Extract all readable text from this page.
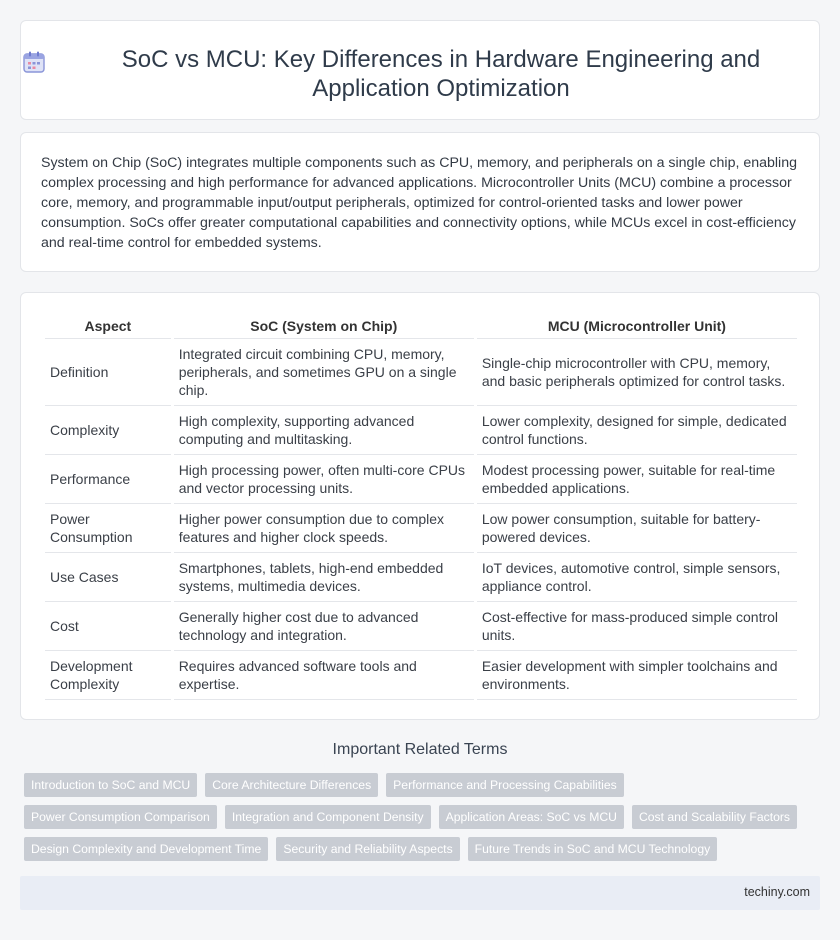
SoC vs MCU: Key Differences in Hardware Engineering and Application Optimization

System on Chip (SoC) integrates multiple components such as CPU, memory, and peripherals on a single chip, enabling complex processing and high performance for advanced applications. Microcontroller Units (MCU) combine a processor core, memory, and programmable input/output peripherals, optimized for control-oriented tasks and lower power consumption. SoCs offer greater computational capabilities and connectivity options, while MCUs excel in cost-efficiency and real-time control for embedded systems.

Aspect	SoC (System on Chip)	MCU (Microcontroller Unit)
Definition	Integrated circuit combining CPU, memory, peripherals, and sometimes GPU on a single chip.	Single-chip microcontroller with CPU, memory, and basic peripherals optimized for control tasks.
Complexity	High complexity, supporting advanced computing and multitasking.	Lower complexity, designed for simple, dedicated control functions.
Performance	High processing power, often multi-core CPUs and vector processing units.	Modest processing power, suitable for real-time embedded applications.
Power Consumption	Higher power consumption due to complex features and higher clock speeds.	Low power consumption, suitable for battery-powered devices.
Use Cases	Smartphones, tablets, high-end embedded systems, multimedia devices.	IoT devices, automotive control, simple sensors, appliance control.
Cost	Generally higher cost due to advanced technology and integration.	Cost-effective for mass-produced simple control units.
Development Complexity	Requires advanced software tools and expertise.	Easier development with simpler toolchains and environments.
Important Related Terms
Introduction to SoC and MCU	Core Architecture Differences	Performance and Processing Capabilities
Power Consumption Comparison	Integration and Component Density	Application Areas: SoC vs MCU	Cost and Scalability Factors
Design Complexity and Development Time	Security and Reliability Aspects	Future Trends in SoC and MCU Technology
techiny.com
